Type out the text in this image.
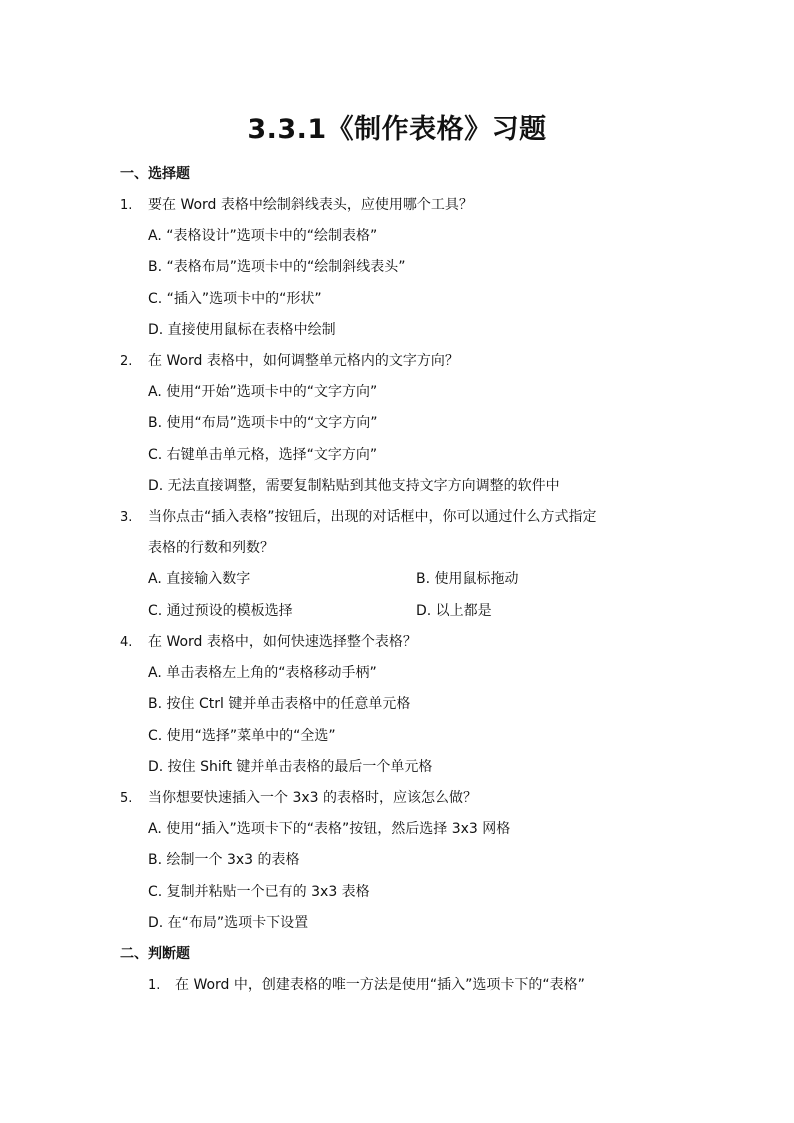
3.3.1《制作表格》习题
一、选择题
1.	要在 Word 表格中绘制斜线表头，应使用哪个工具？
A. “表格设计”选项卡中的“绘制表格”
B. “表格布局”选项卡中的“绘制斜线表头”
C. “插入”选项卡中的“形状”
D. 直接使用鼠标在表格中绘制
2.	在 Word 表格中，如何调整单元格内的文字方向？
A. 使用“开始”选项卡中的“文字方向”
B. 使用“布局”选项卡中的“文字方向”
C. 右键单击单元格，选择“文字方向”
D. 无法直接调整，需要复制粘贴到其他支持文字方向调整的软件中
3.	当你点击“插入表格”按钮后，出现的对话框中，你可以通过什么方式指定
表格的行数和列数？
A. 直接输入数字	B. 使用鼠标拖动
C. 通过预设的模板选择	D. 以上都是
4.	在 Word 表格中，如何快速选择整个表格？
A. 单击表格左上角的“表格移动手柄”
B. 按住 Ctrl 键并单击表格中的任意单元格
C. 使用“选择”菜单中的“全选”
D. 按住 Shift 键并单击表格的最后一个单元格
5.	当你想要快速插入一个 3x3 的表格时，应该怎么做？
A. 使用“插入”选项卡下的“表格”按钮，然后选择 3x3 网格
B. 绘制一个 3x3 的表格
C. 复制并粘贴一个已有的 3x3 表格
D. 在“布局”选项卡下设置
二、判断题
1.	在 Word 中，创建表格的唯一方法是使用“插入”选项卡下的“表格”
